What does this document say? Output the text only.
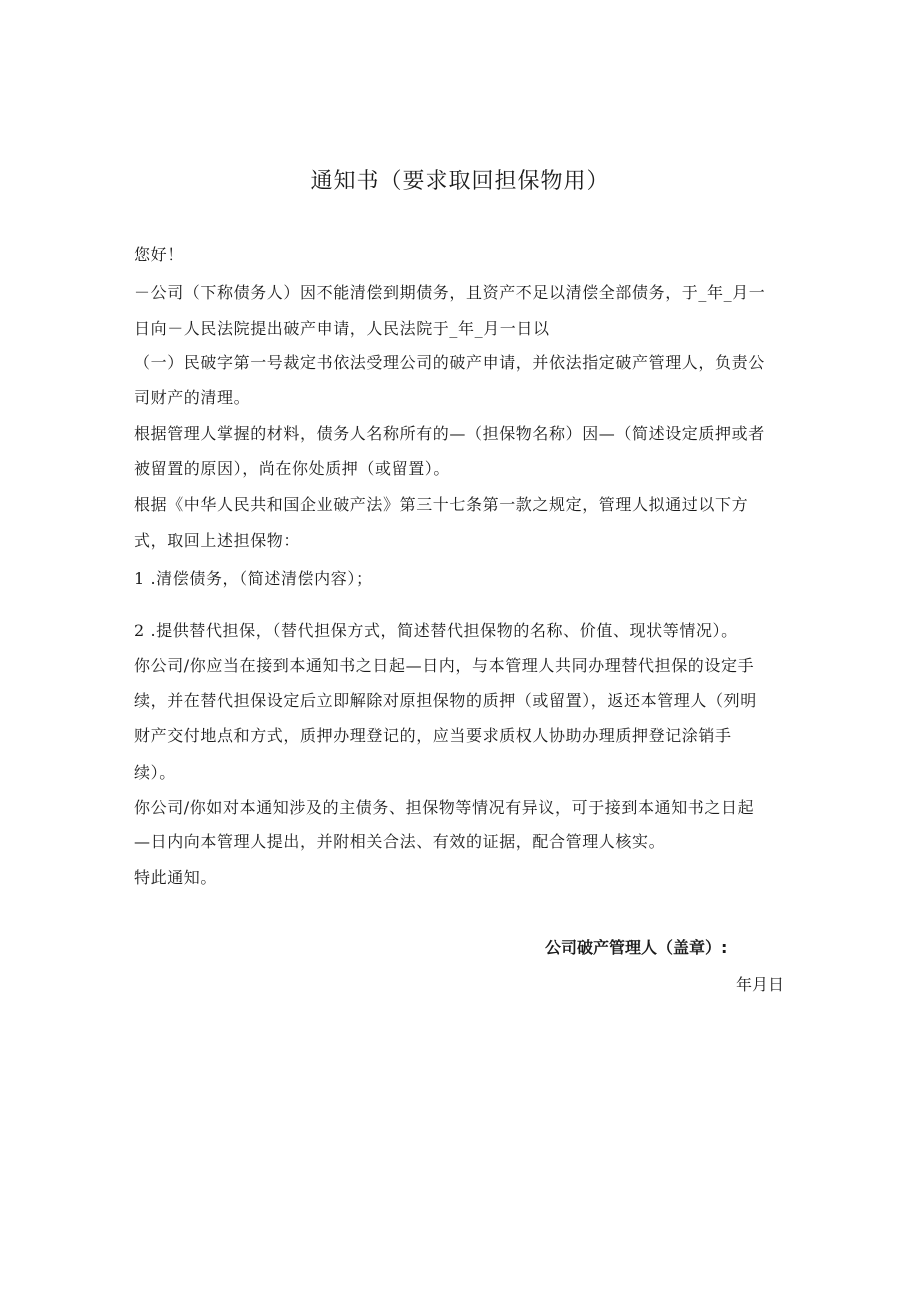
通知书（要求取回担保物用）
您好！
－公司（下称债务人）因不能清偿到期债务，且资产不足以清偿全部债务，于_年_月一
日向－人民法院提出破产申请，人民法院于_年_月一日以
（一）民破字第一号裁定书依法受理公司的破产申请，并依法指定破产管理人，负责公
司财产的清理。
根据管理人掌握的材料，债务人名称所有的—（担保物名称）因—（简述设定质押或者
被留置的原因），尚在你处质押（或留置）。
根据《中华人民共和国企业破产法》第三十七条第一款之规定，管理人拟通过以下方
式，取回上述担保物：
1 .清偿债务，（简述清偿内容）；
2 .提供替代担保，（替代担保方式，简述替代担保物的名称、价值、现状等情况）。
你公司/你应当在接到本通知书之日起—日内，与本管理人共同办理替代担保的设定手
续，并在替代担保设定后立即解除对原担保物的质押（或留置），返还本管理人（列明
财产交付地点和方式，质押办理登记的，应当要求质权人协助办理质押登记涂销手
续）。
你公司/你如对本通知涉及的主债务、担保物等情况有异议，可于接到本通知书之日起
—日内向本管理人提出，并附相关合法、有效的证据，配合管理人核实。
特此通知。
公司破产管理人（盖章）:
年月日
